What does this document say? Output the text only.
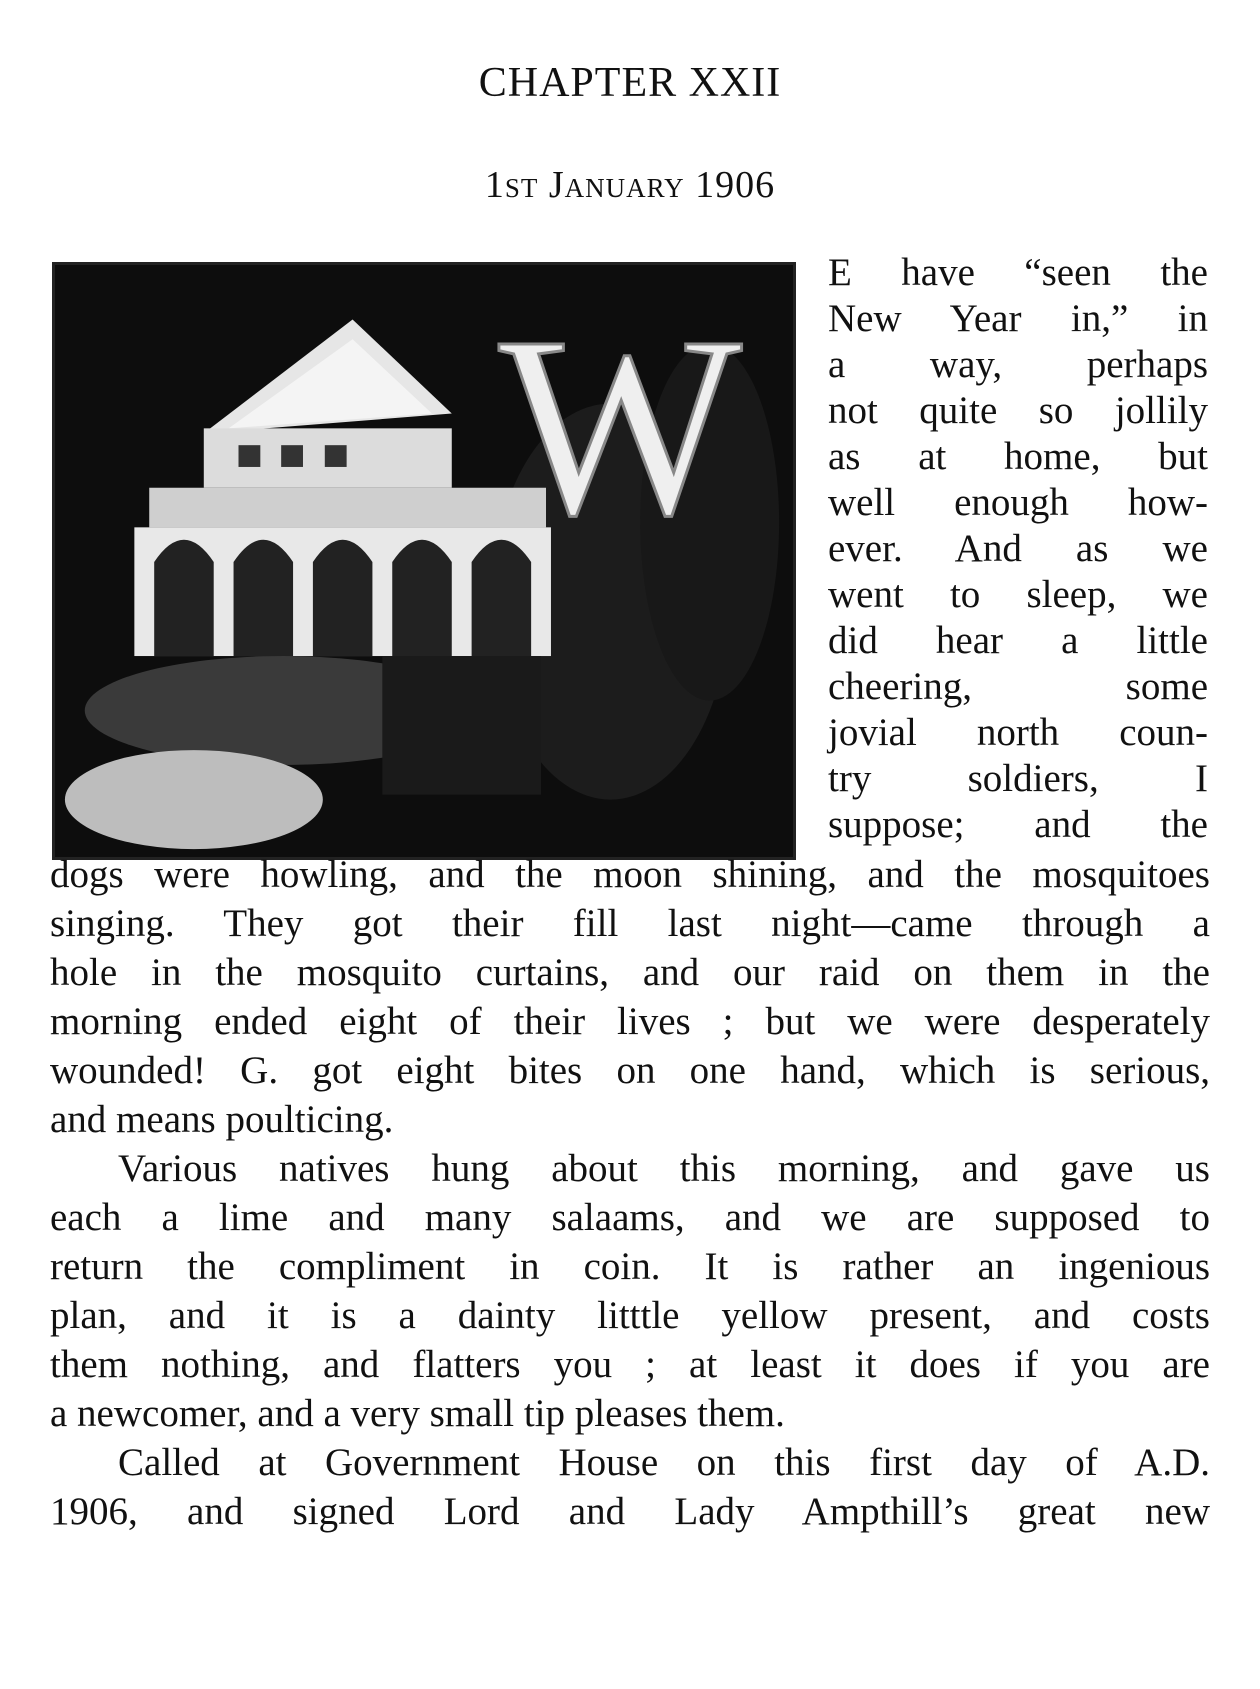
CHAPTER XXII
1st January 1906
W
E have “seen the
New Year in,” in
a way, perhaps
not quite so jollily
as at home, but
well enough how-
ever. And as we
went to sleep, we
did hear a little
cheering, some
jovial north coun-
try soldiers, I
suppose; and the
dogs were howling, and the moon shining, and the mosquitoes
singing. They got their fill last night—came through a
hole in the mosquito curtains, and our raid on them in the
morning ended eight of their lives ; but we were desperately
wounded! G. got eight bites on one hand, which is serious,
and means poulticing.
Various natives hung about this morning, and gave us
each a lime and many salaams, and we are supposed to
return the compliment in coin. It is rather an ingenious
plan, and it is a dainty litttle yellow present, and costs
them nothing, and flatters you ; at least it does if you are
a newcomer, and a very small tip pleases them.
Called at Government House on this first day of A.D.
1906, and signed Lord and Lady Ampthill’s great new
